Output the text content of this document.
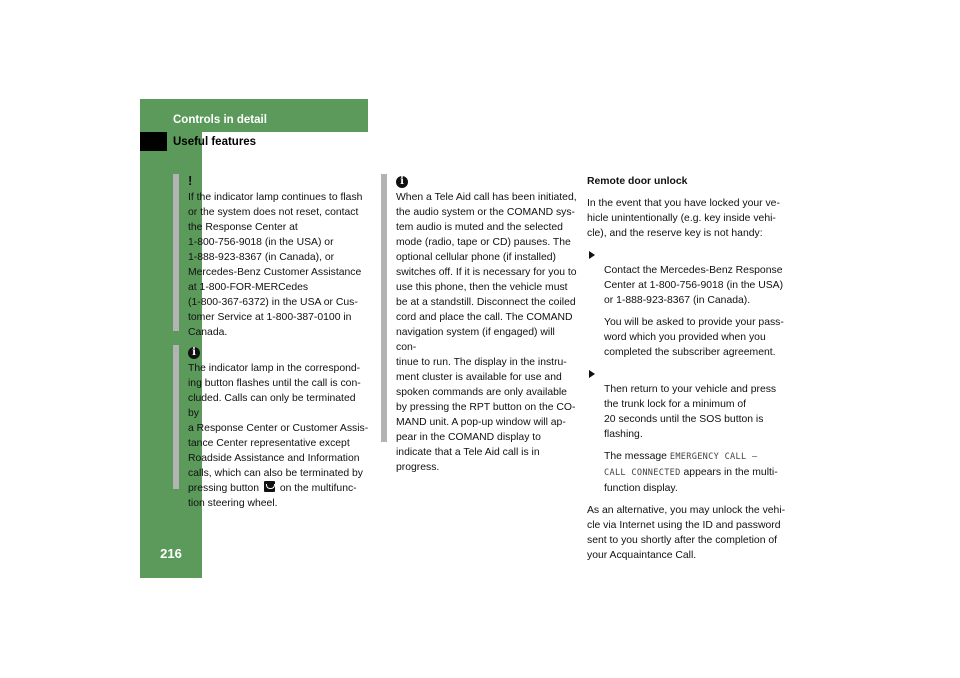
Controls in detail
Useful features
216
!

If the indicator lamp continues to flash
or the system does not reset, contact
the Response Center at
1-800-756-9018 (in the USA) or
1-888-923-8367 (in Canada), or
Mercedes-Benz Customer Assistance
at 1-800-FOR-MERCedes
(1-800-367-6372) in the USA or Cus-
tomer Service at 1-800-387-0100 in
Canada.

i

The indicator lamp in the correspond-
ing button flashes until the call is con-
cluded. Calls can only be terminated by
a Response Center or Customer Assis-
tance Center representative except
Roadside Assistance and Information
calls, which can also be terminated by
pressing button  on the multifunc-
tion steering wheel.

i

When a Tele Aid call has been initiated,
the audio system or the COMAND sys-
tem audio is muted and the selected
mode (radio, tape or CD) pauses. The
optional cellular phone (if installed)
switches off. If it is necessary for you to
use this phone, then the vehicle must
be at a standstill. Disconnect the coiled
cord and place the call. The COMAND
navigation system (if engaged) will con-
tinue to run. The display in the instru-
ment cluster is available for use and
spoken commands are only available
by pressing the RPT button on the CO-
MAND unit. A pop-up window will ap-
pear in the COMAND display to
indicate that a Tele Aid call is in
progress.

Remote door unlock

In the event that you have locked your ve-
hicle unintentionally (e.g. key inside vehi-
cle), and the reserve key is not handy:

Contact the Mercedes-Benz Response
Center at 1-800-756-9018 (in the USA)
or 1-888-923-8367 (in Canada).

You will be asked to provide your pass-
word which you provided when you
completed the subscriber agreement.

Then return to your vehicle and press
the trunk lock for a minimum of
20 seconds until the SOS button is
flashing.

The message EMERGENCY CALL –
CALL CONNECTED appears in the multi-
function display.

As an alternative, you may unlock the vehi-
cle via Internet using the ID and password
sent to you shortly after the completion of
your Acquaintance Call.
